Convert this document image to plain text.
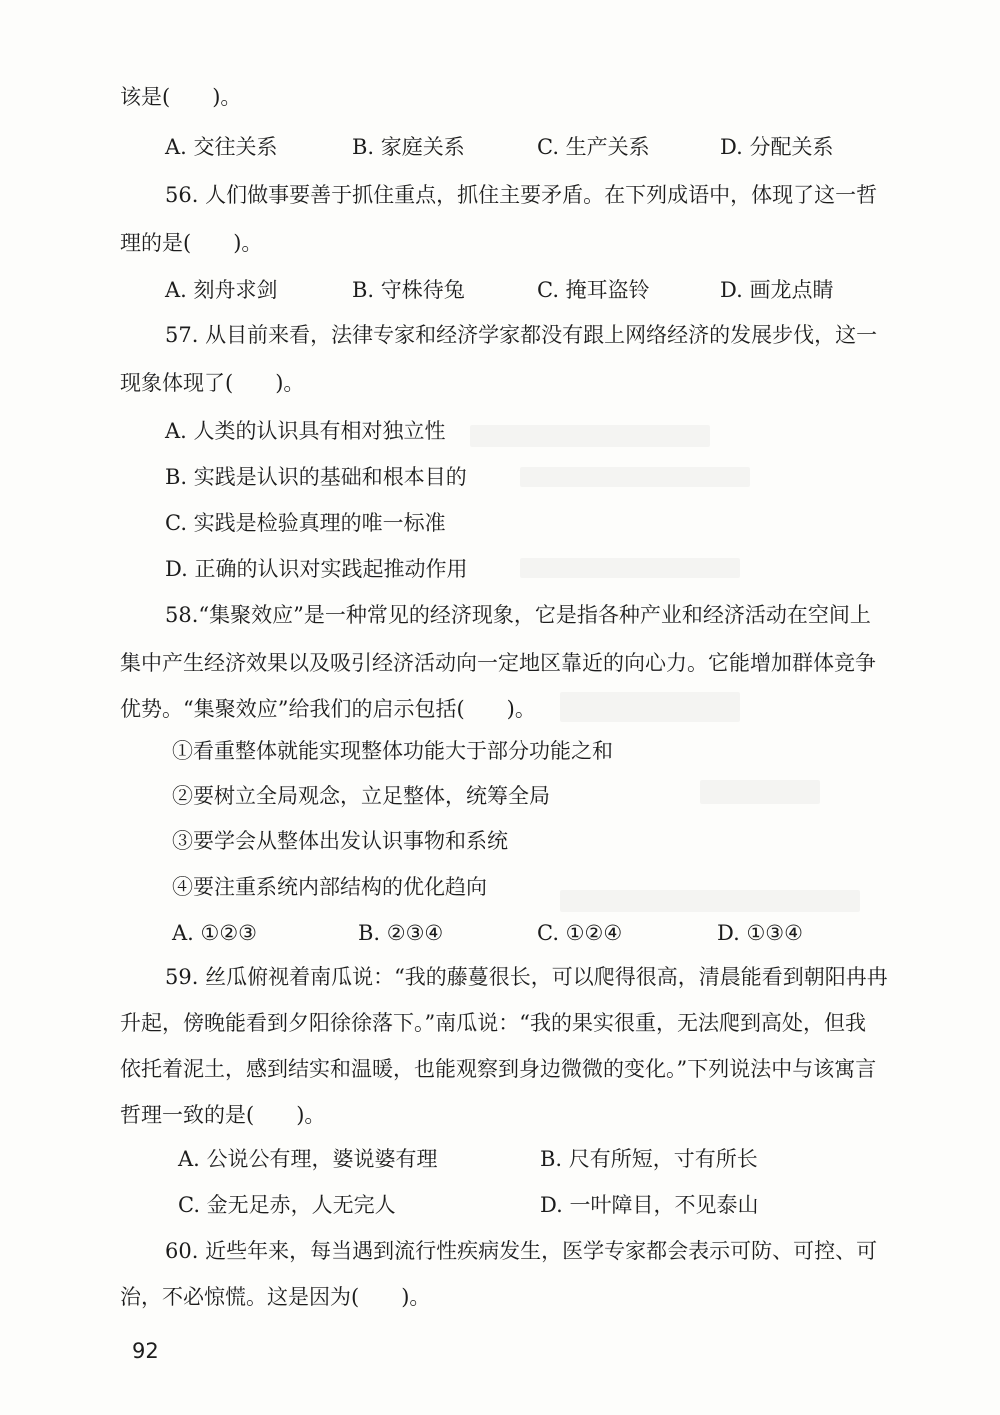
该是(　　)。
A. 交往关系	B. 家庭关系	C. 生产关系	D. 分配关系
56. 人们做事要善于抓住重点，抓住主要矛盾。在下列成语中，体现了这一哲
理的是(　　)。
A. 刻舟求剑	B. 守株待兔	C. 掩耳盗铃	D. 画龙点睛
57. 从目前来看，法律专家和经济学家都没有跟上网络经济的发展步伐，这一
现象体现了(　　)。
A. 人类的认识具有相对独立性
B. 实践是认识的基础和根本目的
C. 实践是检验真理的唯一标准
D. 正确的认识对实践起推动作用
58.“集聚效应”是一种常见的经济现象，它是指各种产业和经济活动在空间上
集中产生经济效果以及吸引经济活动向一定地区靠近的向心力。它能增加群体竞争
优势。“集聚效应”给我们的启示包括(　　)。
①看重整体就能实现整体功能大于部分功能之和
②要树立全局观念，立足整体，统筹全局
③要学会从整体出发认识事物和系统
④要注重系统内部结构的优化趋向
A. ①②③	B. ②③④	C. ①②④	D. ①③④
59. 丝瓜俯视着南瓜说：“我的藤蔓很长，可以爬得很高，清晨能看到朝阳冉冉
升起，傍晚能看到夕阳徐徐落下。”南瓜说：“我的果实很重，无法爬到高处，但我
依托着泥土，感到结实和温暖，也能观察到身边微微的变化。”下列说法中与该寓言
哲理一致的是(　　)。
A. 公说公有理，婆说婆有理	B. 尺有所短，寸有所长
C. 金无足赤，人无完人	D. 一叶障目，不见泰山
60. 近些年来，每当遇到流行性疾病发生，医学专家都会表示可防、可控、可
治，不必惊慌。这是因为(　　)。
92
